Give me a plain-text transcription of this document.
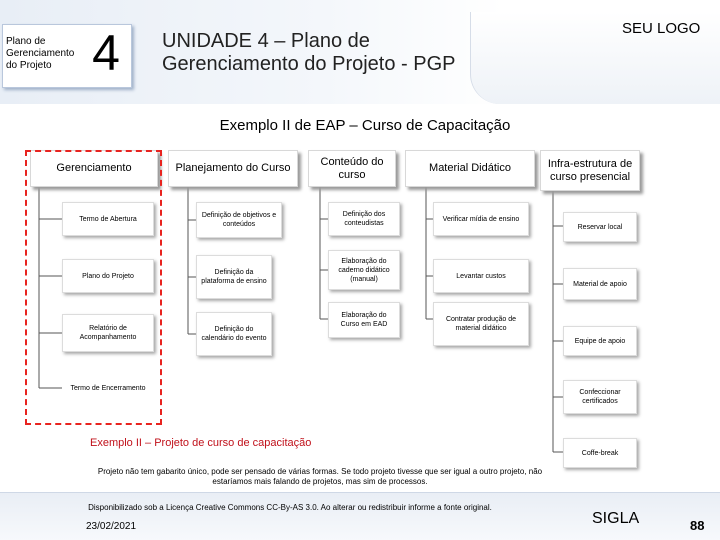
Plano de Gerenciamento do Projeto 4	UNIDADE 4 – Plano de Gerenciamento do Projeto - PGP
SEU LOGO
Exemplo II de EAP – Curso de Capacitação
Gerenciamento	Planejamento do Curso
Conteúdo do curso
Material Didático	Infra-estrutura de curso presencial
Termo de Abertura
Plano do Projeto
Relatório de Acompanhamento
Termo de Encerramento
Definição de objetivos e conteúdos
Definição da plataforma de ensino
Definição do calendário do evento
Definição dos conteudistas
Elaboração do caderno didático (manual)
Elaboração do Curso em EAD
Verificar mídia de ensino
Levantar custos
Contratar produção de material didático
Reservar local
Material de apoio
Equipe de apoio
Confeccionar certificados
Coffe-break
Exemplo II – Projeto de curso de capacitação
Projeto não tem gabarito único, pode ser pensado de várias formas. Se todo projeto tivesse que ser igual a outro projeto, não estaríamos mais falando de projetos, mas sim de processos.
Disponibilizado sob a Licença Creative Commons CC-By-AS 3.0. Ao alterar ou redistribuir informe a fonte original.
23/02/2021	SIGLA	88
